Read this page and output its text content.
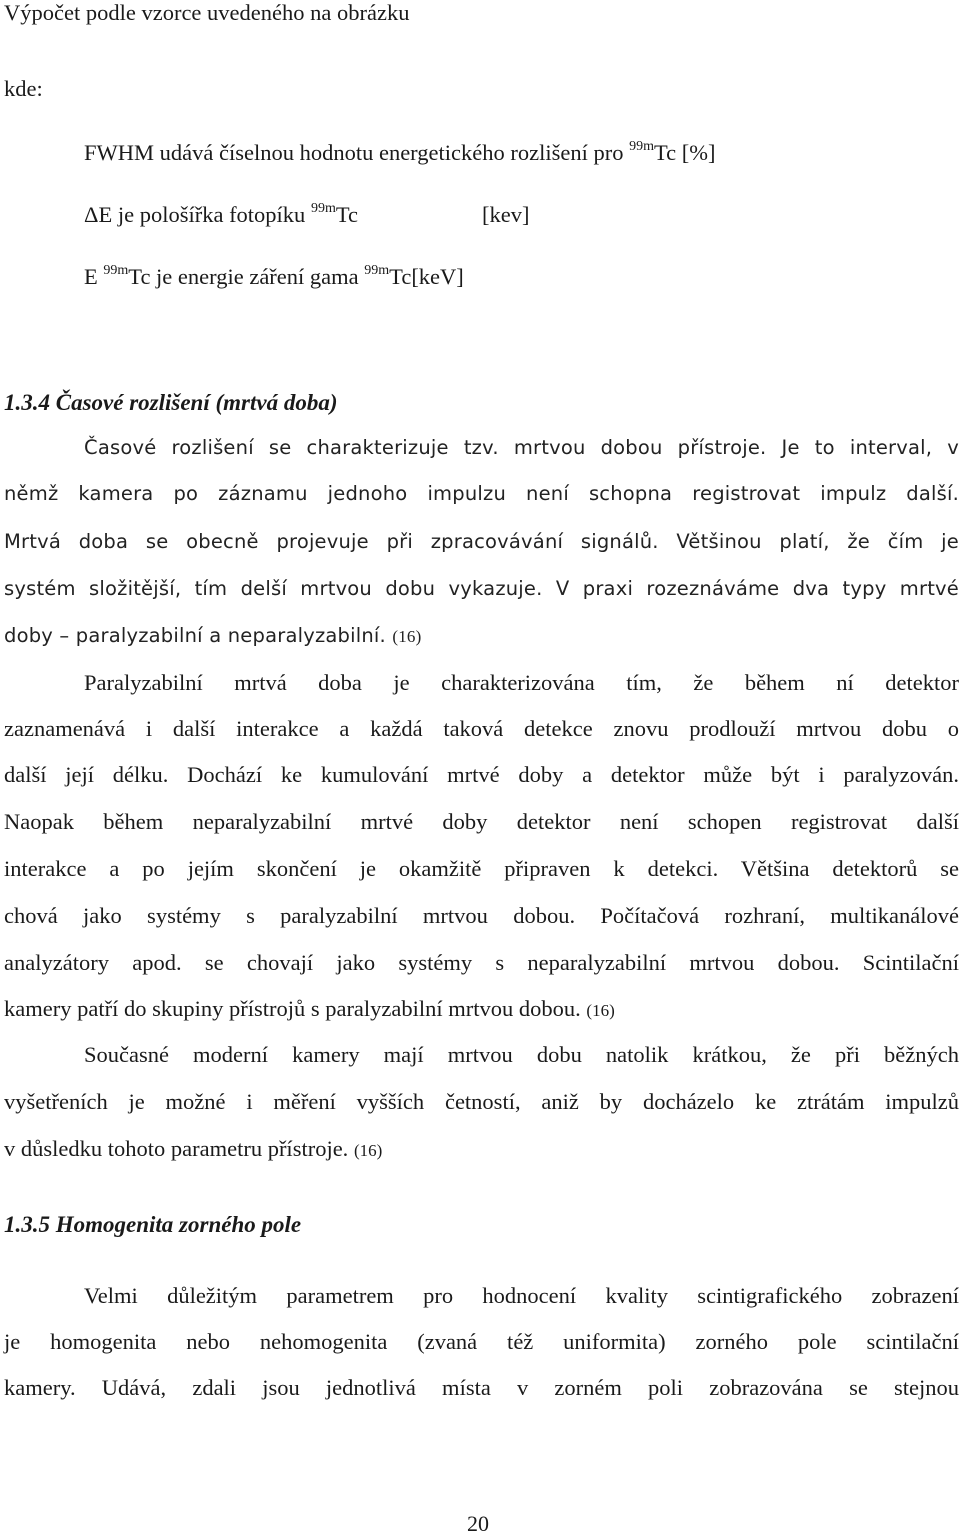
Výpočet podle vzorce uvedeného na obrázku
kde:
FWHM udává číselnou hodnotu energetického rozlišení pro $^{99m}$Tc [%]
ΔE je pološířka fotopíku $^{99m}$Tc	[kev]
E $^{99m}$Tc je energie záření gama $^{99m}$Tc[keV]
1.3.4 Časové rozlišení (mrtvá doba)
Časové rozlišení se charakterizuje tzv. mrtvou dobou přístroje. Je to interval, v
němž kamera po záznamu jednoho impulzu není schopna registrovat impulz další.
Mrtvá doba se obecně projevuje při zpracovávání signálů. Většinou platí, že čím je
systém složitější, tím delší mrtvou dobu vykazuje. V praxi rozeznáváme dva typy mrtvé
doby – paralyzabilní a neparalyzabilní. (16)
Paralyzabilní mrtvá doba je charakterizována tím, že během ní detektor
zaznamenává i další interakce a každá taková detekce znovu prodlouží mrtvou dobu o
další její délku. Dochází ke kumulování mrtvé doby a detektor může být i paralyzován.
Naopak během neparalyzabilní mrtvé doby detektor není schopen registrovat další
interakce a po jejím skončení je okamžitě připraven k detekci. Většina detektorů se
chová jako systémy s paralyzabilní mrtvou dobou. Počítačová rozhraní, multikanálové
analyzátory apod. se chovají jako systémy s neparalyzabilní mrtvou dobou. Scintilační
kamery patří do skupiny přístrojů s paralyzabilní mrtvou dobou. (16)
Současné moderní kamery mají mrtvou dobu natolik krátkou, že při běžných
vyšetřeních je možné i měření vyšších četností, aniž by docházelo ke ztrátám impulzů
v důsledku tohoto parametru přístroje. (16)
1.3.5 Homogenita zorného pole
Velmi důležitým parametrem pro hodnocení kvality scintigrafického zobrazení
je homogenita nebo nehomogenita (zvaná též uniformita) zorného pole scintilační
kamery. Udává, zdali jsou jednotlivá místa v zorném poli zobrazována se stejnou
20
